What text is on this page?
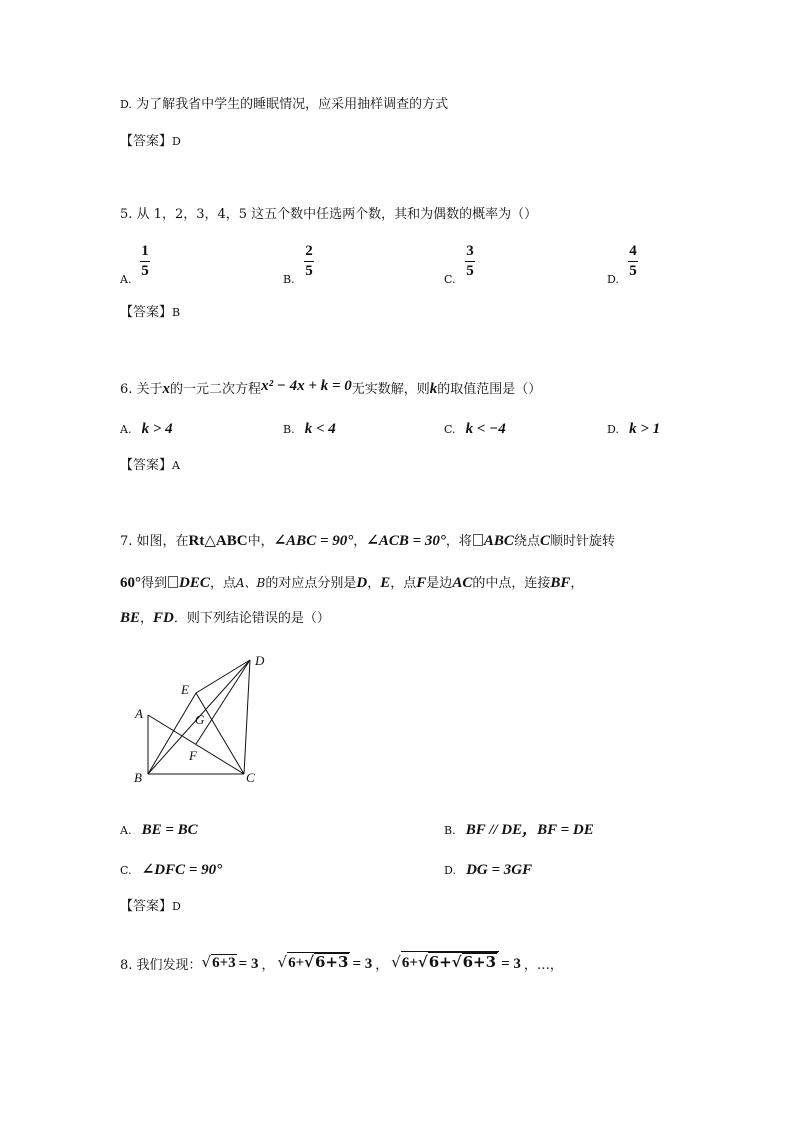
D. 为了解我省中学生的睡眠情况，应采用抽样调查的方式
【答案】D
5. 从 1，2，3，4，5 这五个数中任选两个数，其和为偶数的概率为（）
A.
1
5
B.
2
5
C.
3
5
D.
4
5
【答案】B
6. 关于x的一元二次方程x² − 4x + k = 0无实数解，则k的取值范围是（）
A. k > 4	B. k < 4	C. k < −4	D. k > 1
【答案】A
7. 如图，在Rt△ABC中，∠ABC = 90°，∠ACB = 30°，将 ABC绕点C顺时针旋转
60°得到 DEC，点A、B的对应点分别是D，E，点F是边AC的中点，连接BF，
BE，FD．则下列结论错误的是（）
A
B	C
D
E
F
G
A. BE = BC	B. BF // DE，BF = DE
C. ∠DFC = 90°	D. DG = 3GF
【答案】D
8. 我们发现： √6+3 = 3 ， √6+√6+3 = 3 ， √6+√6+√6+3 = 3 ，…，
